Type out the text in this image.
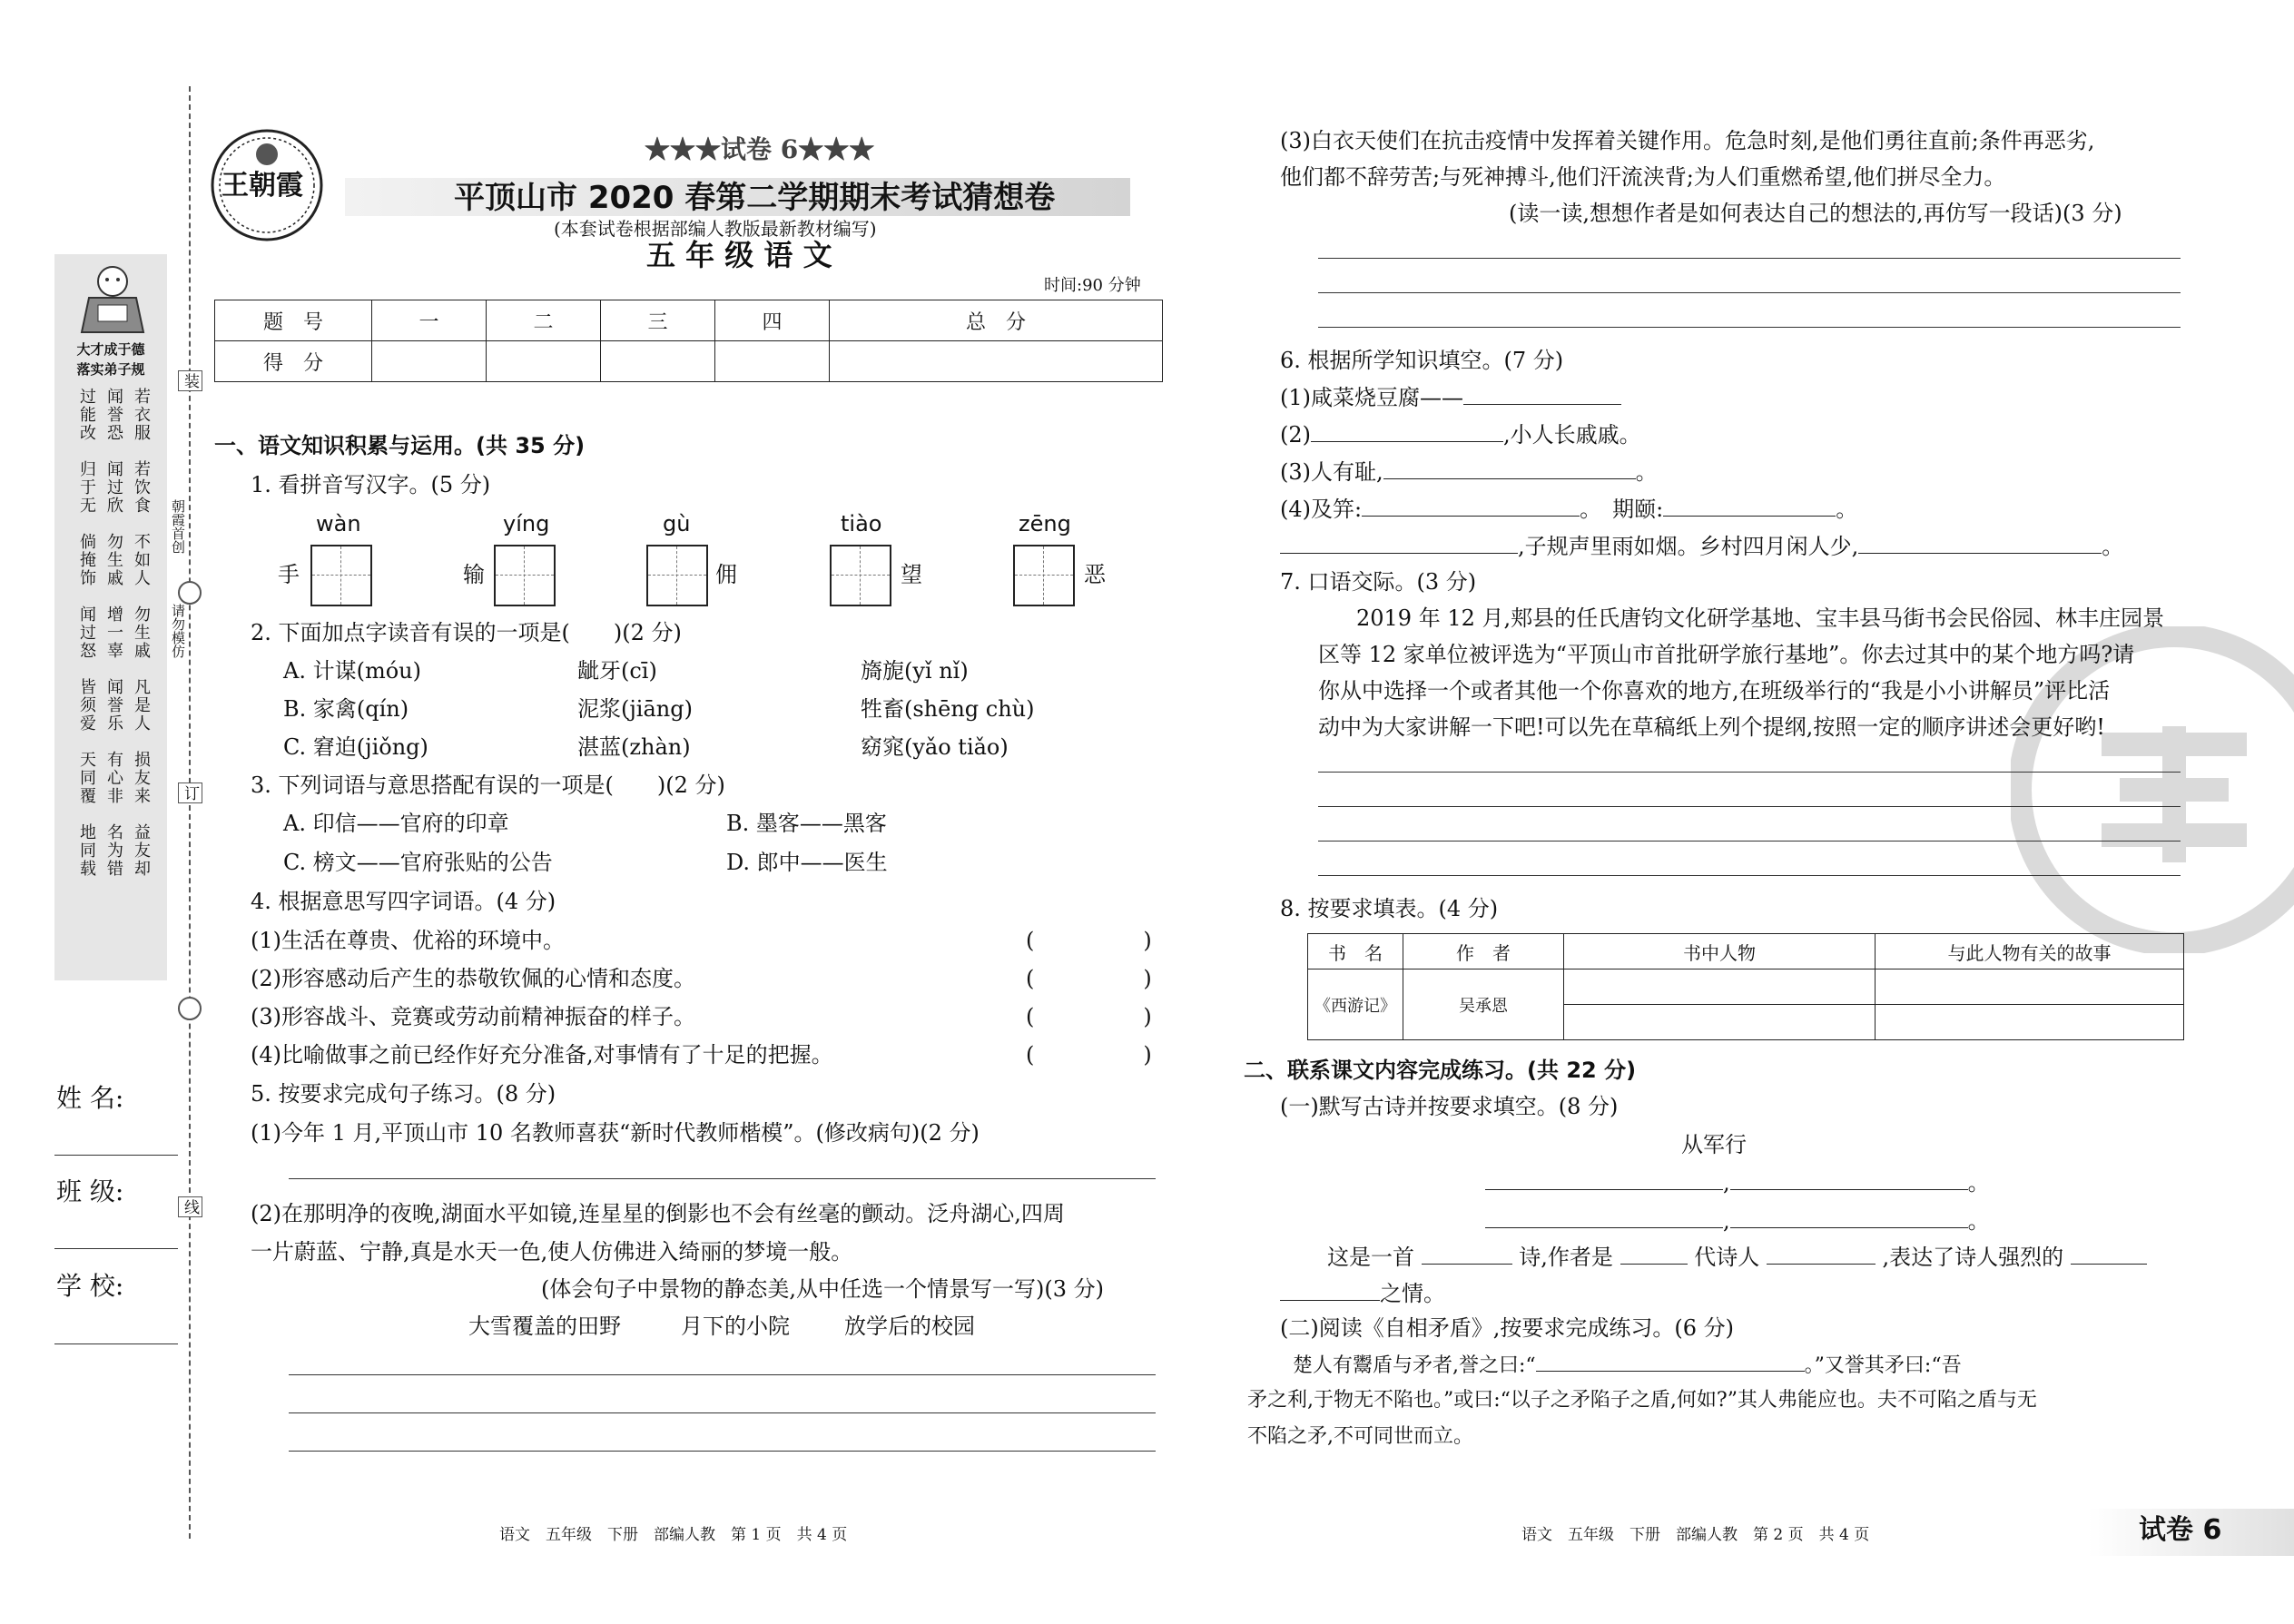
大才成于德
落实弟子规
若衣服
闻誉恐
过能改
若饮食
闻过欣
归于无
不如人
勿生戚
倘掩饰
勿生戚
增一辜
闻过怒
凡是人
闻誉乐
皆须爱
损友来
有心非
天同覆
益友却
名为错
地同载
装
朝霞首创
请勿模仿
订
线
姓 名:
班 级:
学 校:
王朝霞
★★★试卷 6★★★
平顶山市 2020 春第二学期期末考试猜想卷
(本套试卷根据部编人教版最新教材编写)
五 年 级 语 文
时间:90 分钟
题　号	一	二	三	四	总　分
得　分					
一、语文知识积累与运用。(共 35 分)
1. 看拼音写汉字。(5 分)
wàn
手
yíng
输
gù
佣
tiào
望
zēng
恶
2. 下面加点字读音有误的一项是(　　)(2 分)
A. 计谋(móu)	龇牙(cī)	旖旎(yǐ nǐ)
B. 家禽(qín)	泥浆(jiāng)	牲畜(shēng chù)
C. 窘迫(jiǒng)	湛蓝(zhàn)	窈窕(yǎo tiǎo)
3. 下列词语与意思搭配有误的一项是(　　)(2 分)
A. 印信——官府的印章	B. 墨客——黑客
C. 榜文——官府张贴的公告	D. 郎中——医生
4. 根据意思写四字词语。(4 分)
(1)生活在尊贵、优裕的环境中。	(　　　　　)
(2)形容感动后产生的恭敬钦佩的心情和态度。	(　　　　　)
(3)形容战斗、竞赛或劳动前精神振奋的样子。	(　　　　　)
(4)比喻做事之前已经作好充分准备,对事情有了十足的把握。	(　　　　　)
5. 按要求完成句子练习。(8 分)
(1)今年 1 月,平顶山市 10 名教师喜获“新时代教师楷模”。(修改病句)(2 分)
(2)在那明净的夜晚,湖面水平如镜,连星星的倒影也不会有丝毫的颤动。泛舟湖心,四周
一片蔚蓝、宁静,真是水天一色,使人仿佛进入绮丽的梦境一般。
(体会句子中景物的静态美,从中任选一个情景写一写)(3 分)
大雪覆盖的田野	月下的小院	放学后的校园
语文　五年级　下册　部编人教　第 1 页　共 4 页
(3)白衣天使们在抗击疫情中发挥着关键作用。危急时刻,是他们勇往直前;条件再恶劣,
他们都不辞劳苦;与死神搏斗,他们汗流浃背;为人们重燃希望,他们拼尽全力。
(读一读,想想作者是如何表达自己的想法的,再仿写一段话)(3 分)
6. 根据所学知识填空。(7 分)
(1)咸菜烧豆腐——
(2)	,小人长戚戚。
(3)人有耻,	。
(4)及笄:	。　期颐:	。
,子规声里雨如烟。乡村四月闲人少,	。
7. 口语交际。(3 分)
2019 年 12 月,郏县的任氏唐钧文化研学基地、宝丰县马街书会民俗园、林丰庄园景
区等 12 家单位被评选为“平顶山市首批研学旅行基地”。你去过其中的某个地方吗?请
你从中选择一个或者其他一个你喜欢的地方,在班级举行的“我是小小讲解员”评比活
动中为大家讲解一下吧!可以先在草稿纸上列个提纲,按照一定的顺序讲述会更好哟!
8. 按要求填表。(4 分)
书　名	作　者	书中人物	与此人物有关的故事
《西游记》	吴承恩		

二、联系课文内容完成练习。(共 22 分)
(一)默写古诗并按要求填空。(8 分)
从军行
,	。
,	。
这是一首	诗,作者是	代诗人	,表达了诗人强烈的
之情。
(二)阅读《自相矛盾》,按要求完成练习。(6 分)
楚人有鬻盾与矛者,誉之曰:“	。”又誉其矛曰:“吾
矛之利,于物无不陷也。”或曰:“以子之矛陷子之盾,何如?”其人弗能应也。夫不可陷之盾与无
不陷之矛,不可同世而立。
语文　五年级　下册　部编人教　第 2 页　共 4 页	试卷 6
